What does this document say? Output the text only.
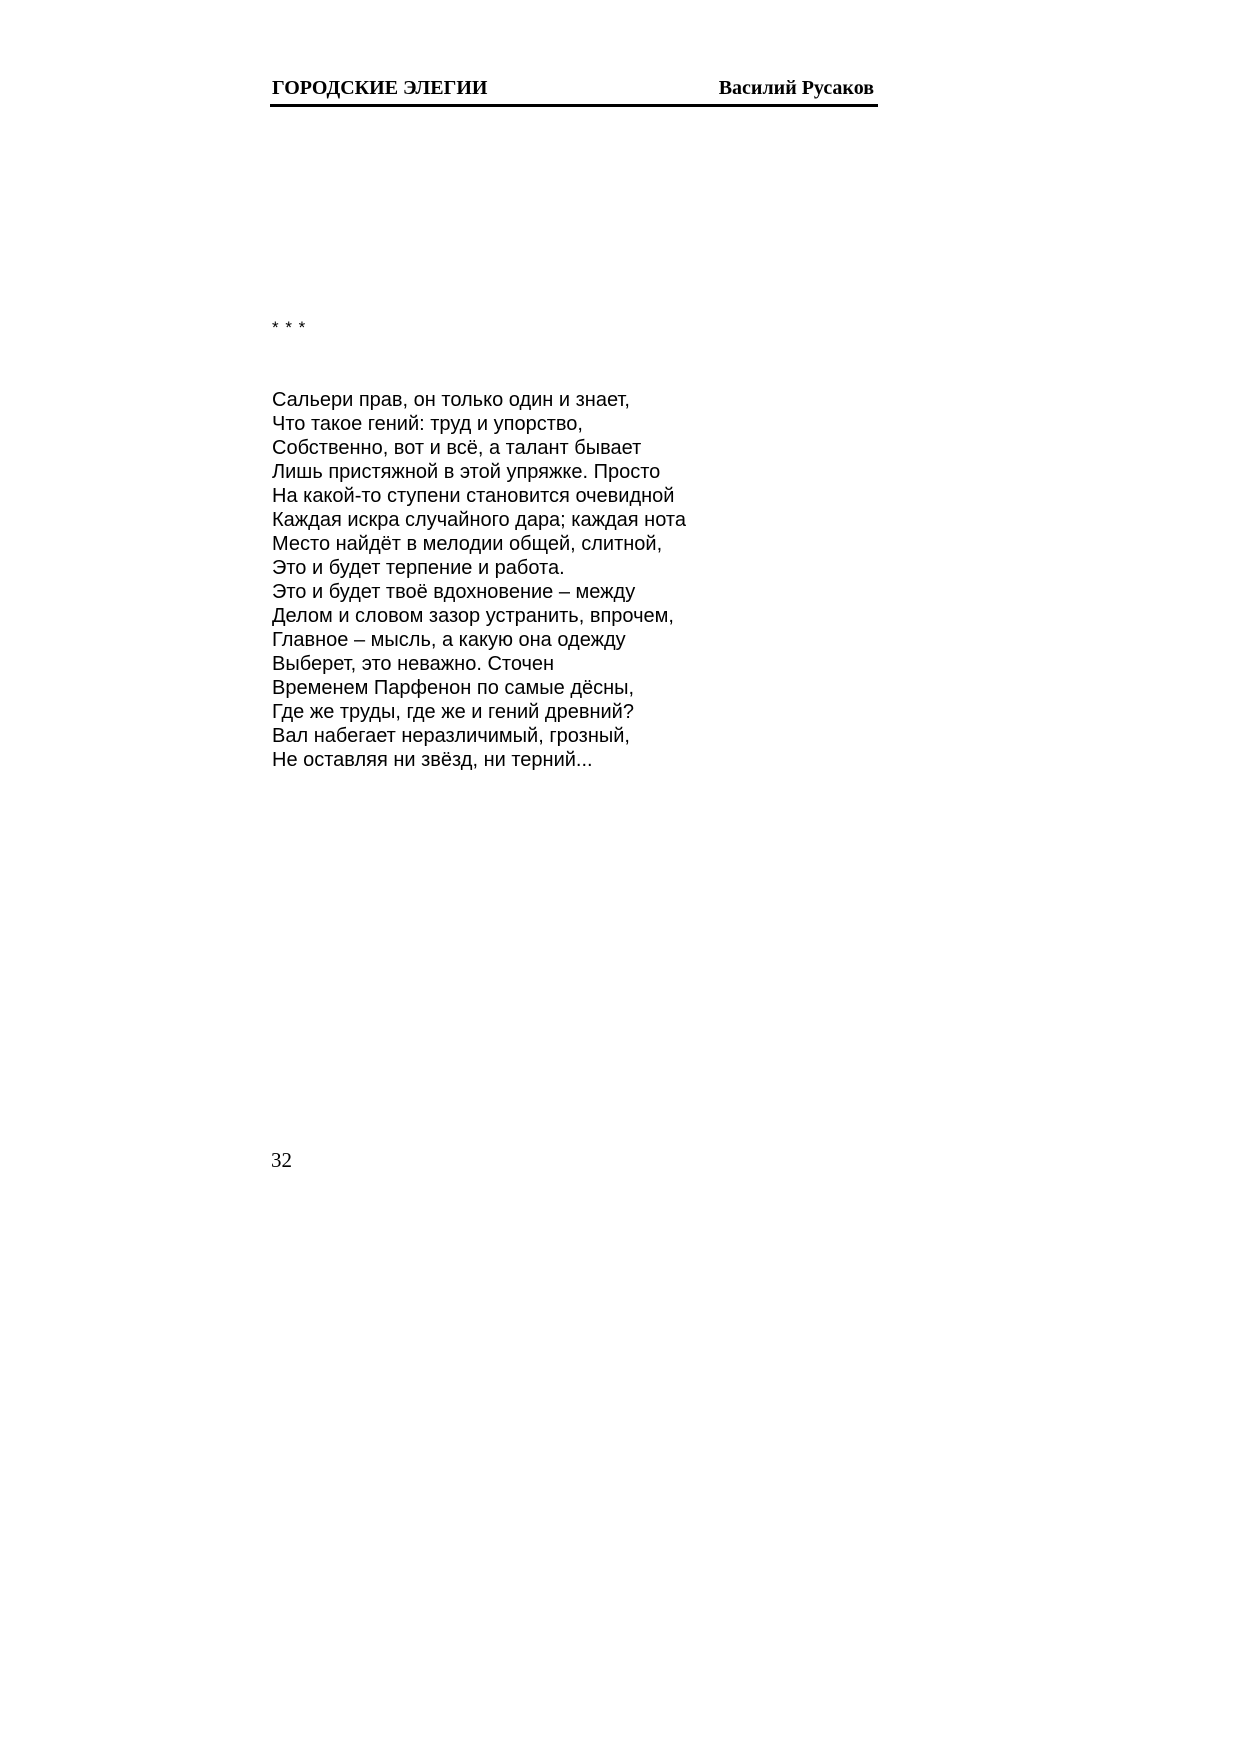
ГОРОДСКИЕ ЭЛЕГИИ	Василий Русаков
* * *
Сальери прав, он только один и знает,
Что такое гений: труд и упорство,
Собственно, вот и всё, а талант бывает
Лишь пристяжной в этой упряжке. Просто
На какой-то ступени становится очевидной
Каждая искра случайного дара; каждая нота
Место найдёт в мелодии общей, слитной,
Это и будет терпение и работа.
Это и будет твоё вдохновение – между
Делом и словом зазор устранить, впрочем,
Главное – мысль, а какую она одежду
Выберет, это неважно. Сточен
Временем Парфенон по самые дёсны,
Где же труды, где же и гений древний?
Вал набегает неразличимый, грозный,
Не оставляя ни звёзд, ни терний...
32
